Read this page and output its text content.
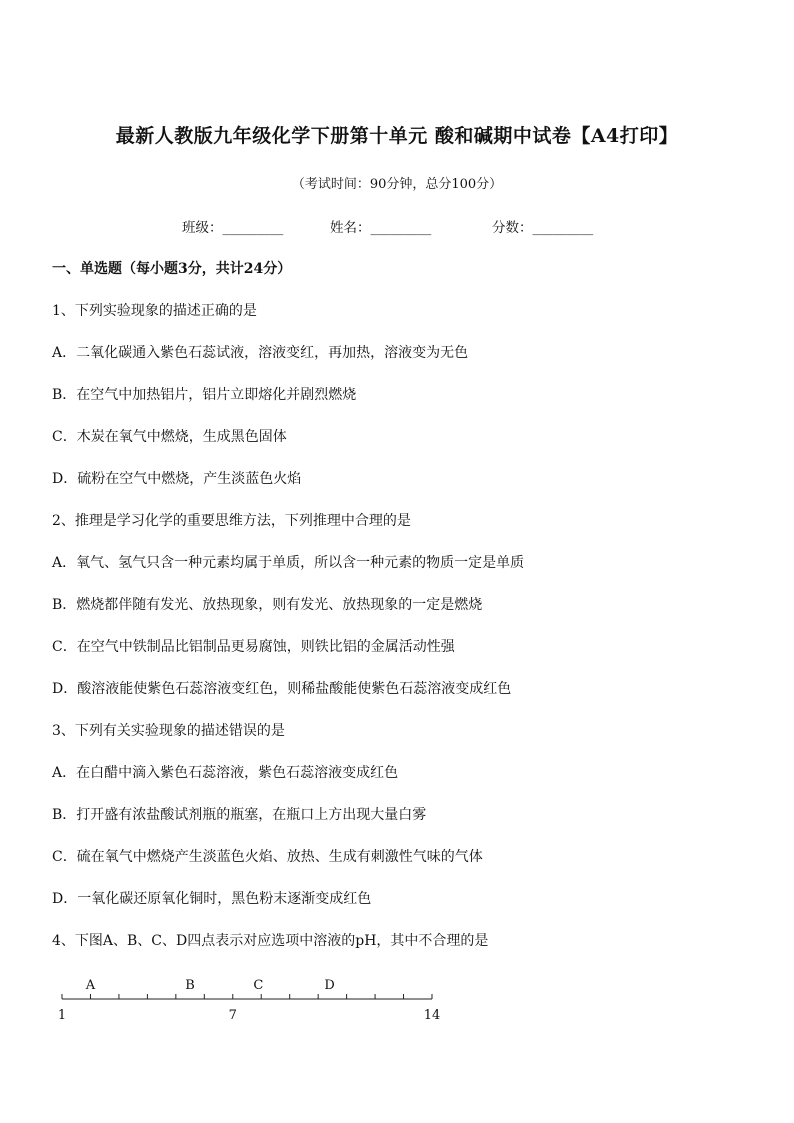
最新人教版九年级化学下册第十单元 酸和碱期中试卷【A4打印】
（考试时间：90分钟，总分100分）
班级：_________	姓名：_________	分数：_________
一、单选题（每小题3分，共计24分）
1、下列实验现象的描述正确的是
A．二氧化碳通入紫色石蕊试液，溶液变红，再加热，溶液变为无色
B．在空气中加热铝片，铝片立即熔化并剧烈燃烧
C．木炭在氧气中燃烧，生成黑色固体
D．硫粉在空气中燃烧，产生淡蓝色火焰
2、推理是学习化学的重要思维方法，下列推理中合理的是
A．氧气、氢气只含一种元素均属于单质，所以含一种元素的物质一定是单质
B．燃烧都伴随有发光、放热现象，则有发光、放热现象的一定是燃烧
C．在空气中铁制品比铝制品更易腐蚀，则铁比铝的金属活动性强
D．酸溶液能使紫色石蕊溶液变红色，则稀盐酸能使紫色石蕊溶液变成红色
3、下列有关实验现象的描述错误的是
A．在白醋中滴入紫色石蕊溶液，紫色石蕊溶液变成红色
B．打开盛有浓盐酸试剂瓶的瓶塞，在瓶口上方出现大量白雾
C．硫在氧气中燃烧产生淡蓝色火焰、放热、生成有刺激性气味的气体
D．一氧化碳还原氧化铜时，黑色粉末逐渐变成红色
4、下图A、B、C、D四点表示对应选项中溶液的pH，其中不合理的是
1	7	14
A	B	C	D
